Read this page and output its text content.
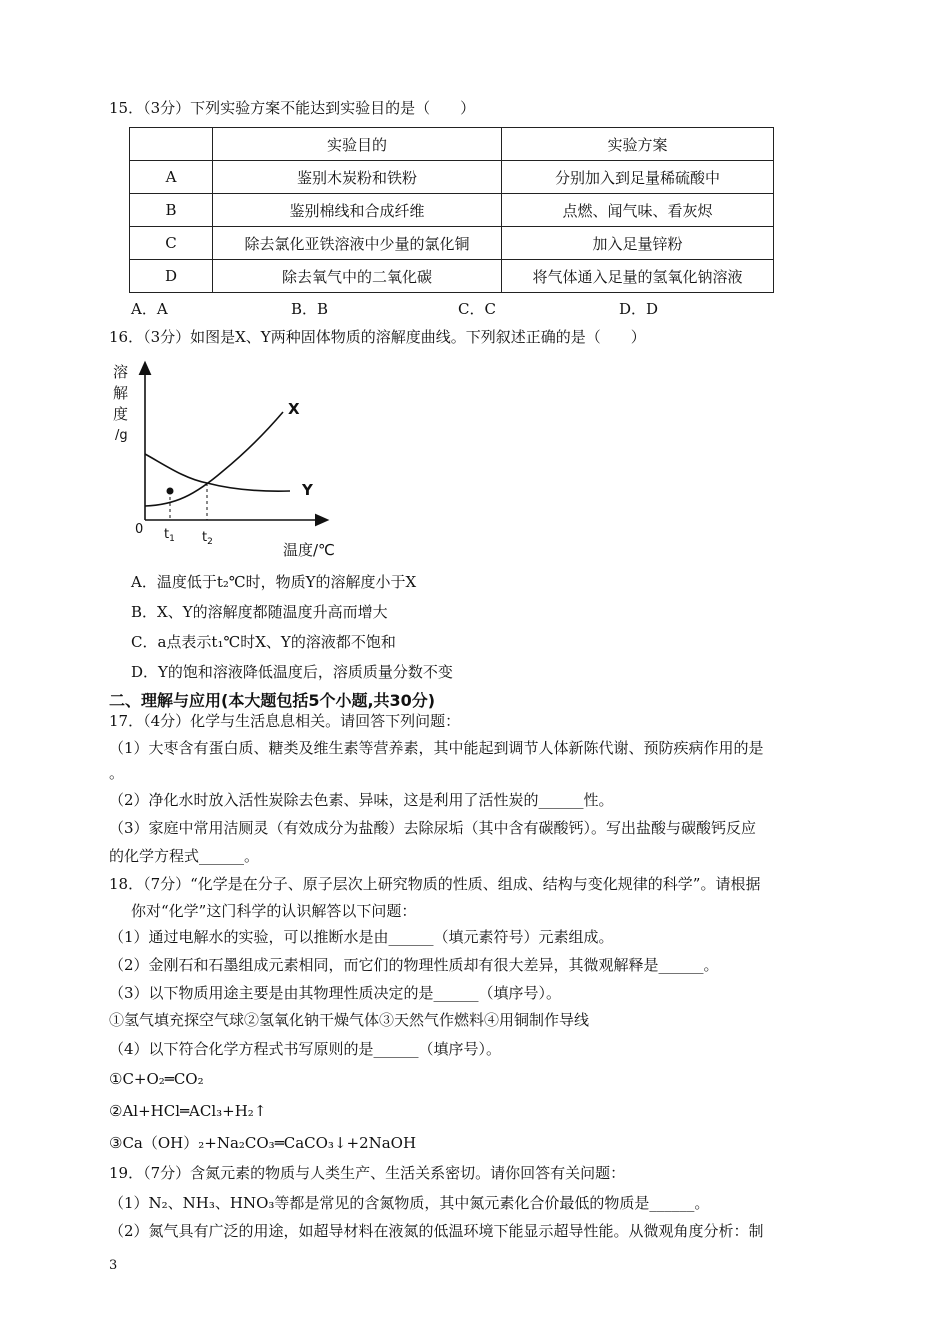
15．（3分）下列实验方案不能达到实验目的是（　　）
	实验目的	实验方案
A	鉴别木炭粉和铁粉	分别加入到足量稀硫酸中
B	鉴别棉线和合成纤维	点燃、闻气味、看灰烬
C	除去氯化亚铁溶液中少量的氯化铜	加入足量锌粉
D	除去氧气中的二氧化碳	将气体通入足量的氢氧化钠溶液
A．A	B．B	C．C	D．D
16．（3分）如图是X、Y两种固体物质的溶解度曲线。下列叙述正确的是（　　）
溶
解
度
/g
X
Y
0 $t_1$ $t_2$	温度/℃
A．温度低于t₂℃时，物质Y的溶解度小于X
B．X、Y的溶解度都随温度升高而增大
C．a点表示t₁℃时X、Y的溶液都不饱和
D．Y的饱和溶液降低温度后，溶质质量分数不变
二、理解与应用(本大题包括5个小题,共30分)
17．（4分）化学与生活息息相关。请回答下列问题：
（1）大枣含有蛋白质、糖类及维生素等营养素，其中能起到调节人体新陈代谢、预防疾病作用的是
。
（2）净化水时放入活性炭除去色素、异味，这是利用了活性炭的______性。
（3）家庭中常用洁厕灵（有效成分为盐酸）去除尿垢（其中含有碳酸钙）。写出盐酸与碳酸钙反应
的化学方程式______。
18．（7分）“化学是在分子、原子层次上研究物质的性质、组成、结构与变化规律的科学”。请根据
你对“化学”这门科学的认识解答以下问题：
（1）通过电解水的实验，可以推断水是由______（填元素符号）元素组成。
（2）金刚石和石墨组成元素相同，而它们的物理性质却有很大差异，其微观解释是______。
（3）以下物质用途主要是由其物理性质决定的是______（填序号）。
①氢气填充探空气球②氢氧化钠干燥气体③天然气作燃料④用铜制作导线
（4）以下符合化学方程式书写原则的是______（填序号）。
①C+O₂═CO₂
②Al+HCl═ACl₃+H₂↑
③Ca（OH）₂+Na₂CO₃═CaCO₃↓+2NaOH
19．（7分）含氮元素的物质与人类生产、生活关系密切。请你回答有关问题：
（1）N₂、NH₃、HNO₃等都是常见的含氮物质，其中氮元素化合价最低的物质是______。
（2）氮气具有广泛的用途，如超导材料在液氮的低温环境下能显示超导性能。从微观角度分析：制
3
